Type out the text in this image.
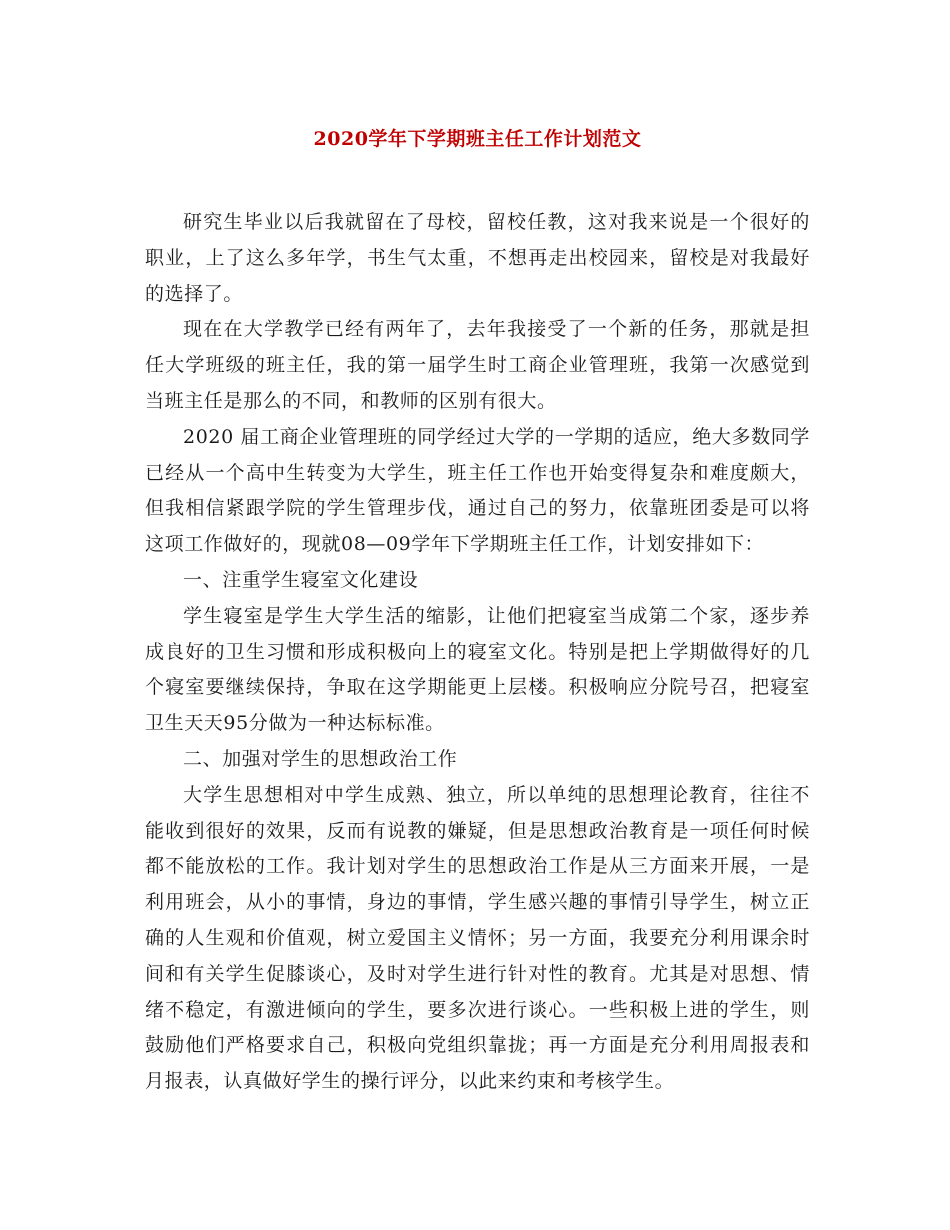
2020学年下学期班主任工作计划范文

研究生毕业以后我就留在了母校，留校任教，这对我来说是一个很好的职业，上了这么多年学，书生气太重，不想再走出校园来，留校是对我最好的选择了。

现在在大学教学已经有两年了，去年我接受了一个新的任务，那就是担任大学班级的班主任，我的第一届学生时工商企业管理班，我第一次感觉到当班主任是那么的不同，和教师的区别有很大。

2020 届工商企业管理班的同学经过大学的一学期的适应，绝大多数同学已经从一个高中生转变为大学生，班主任工作也开始变得复杂和难度颇大，但我相信紧跟学院的学生管理步伐，通过自己的努力，依靠班团委是可以将这项工作做好的，现就08—09学年下学期班主任工作，计划安排如下：

一、注重学生寝室文化建设

学生寝室是学生大学生活的缩影，让他们把寝室当成第二个家，逐步养成良好的卫生习惯和形成积极向上的寝室文化。特别是把上学期做得好的几个寝室要继续保持，争取在这学期能更上层楼。积极响应分院号召，把寝室卫生天天95分做为一种达标标准。

二、加强对学生的思想政治工作

大学生思想相对中学生成熟、独立，所以单纯的思想理论教育，往往不能收到很好的效果，反而有说教的嫌疑，但是思想政治教育是一项任何时候都不能放松的工作。我计划对学生的思想政治工作是从三方面来开展，一是利用班会，从小的事情，身边的事情，学生感兴趣的事情引导学生，树立正确的人生观和价值观，树立爱国主义情怀；另一方面，我要充分利用课余时间和有关学生促膝谈心，及时对学生进行针对性的教育。尤其是对思想、情绪不稳定，有激进倾向的学生，要多次进行谈心。一些积极上进的学生，则鼓励他们严格要求自己，积极向党组织靠拢；再一方面是充分利用周报表和月报表，认真做好学生的操行评分，以此来约束和考核学生。
